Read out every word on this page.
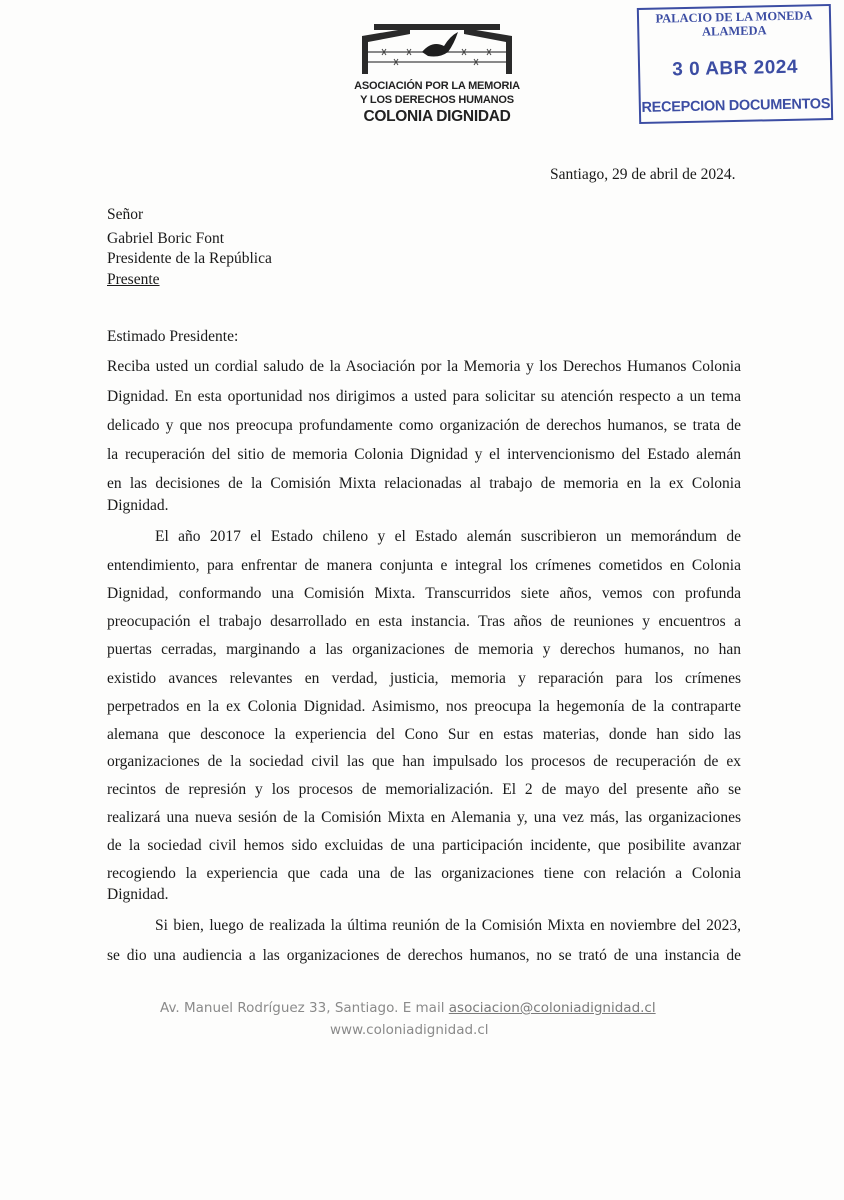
ASOCIACIÓN POR LA MEMORIA
Y LOS DERECHOS HUMANOS
COLONIA DIGNIDAD
PALACIO DE LA MONEDA
ALAMEDA
3 0 ABR 2024
RECEPCION DOCUMENTOS
Santiago, 29 de abril de 2024.
Señor
Gabriel Boric Font
Presidente de la República
Presente
Estimado Presidente:
Reciba usted un cordial saludo de la Asociación por la Memoria y los Derechos Humanos Colonia
Dignidad. En esta oportunidad nos dirigimos a usted para solicitar su atención respecto a un tema
delicado y que nos preocupa profundamente como organización de derechos humanos, se trata de
la recuperación del sitio de memoria Colonia Dignidad y el intervencionismo del Estado alemán
en las decisiones de la Comisión Mixta relacionadas al trabajo de memoria en la ex Colonia
Dignidad.
El año 2017 el Estado chileno y el Estado alemán suscribieron un memorándum de
entendimiento, para enfrentar de manera conjunta e integral los crímenes cometidos en Colonia
Dignidad, conformando una Comisión Mixta. Transcurridos siete años, vemos con profunda
preocupación el trabajo desarrollado en esta instancia. Tras años de reuniones y encuentros a
puertas cerradas, marginando a las organizaciones de memoria y derechos humanos, no han
existido avances relevantes en verdad, justicia, memoria y reparación para los crímenes
perpetrados en la ex Colonia Dignidad. Asimismo, nos preocupa la hegemonía de la contraparte
alemana que desconoce la experiencia del Cono Sur en estas materias, donde han sido las
organizaciones de la sociedad civil las que han impulsado los procesos de recuperación de ex
recintos de represión y los procesos de memorialización. El 2 de mayo del presente año se
realizará una nueva sesión de la Comisión Mixta en Alemania y, una vez más, las organizaciones
de la sociedad civil hemos sido excluidas de una participación incidente, que posibilite avanzar
recogiendo la experiencia que cada una de las organizaciones tiene con relación a Colonia
Dignidad.
Si bien, luego de realizada la última reunión de la Comisión Mixta en noviembre del 2023,
se dio una audiencia a las organizaciones de derechos humanos, no se trató de una instancia de
Av. Manuel Rodríguez 33, Santiago. E mail asociacion@coloniadignidad.cl
www.coloniadignidad.cl
